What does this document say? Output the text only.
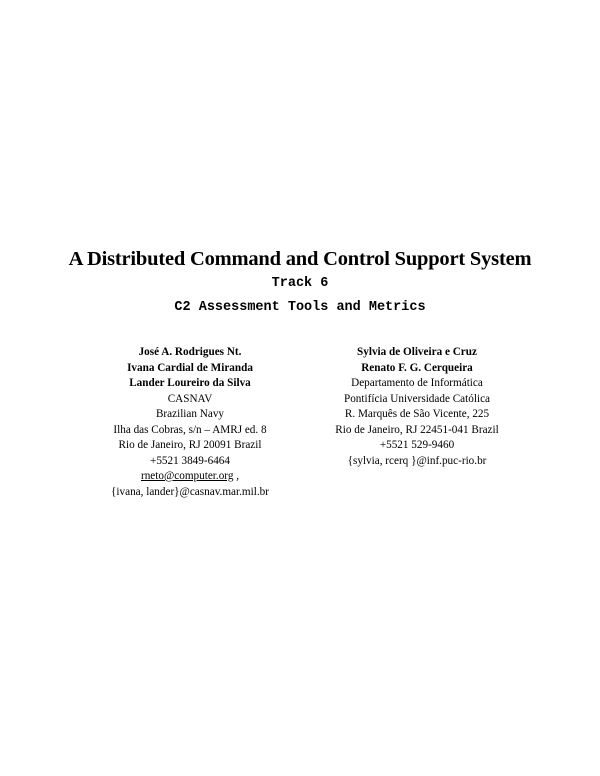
A Distributed Command and Control Support System
Track 6
C2 Assessment Tools and Metrics
José A. Rodrigues Nt.
Ivana Cardial de Miranda
Lander Loureiro da Silva
CASNAV
Brazilian Navy
Ilha das Cobras, s/n – AMRJ ed. 8
Rio de Janeiro, RJ 20091 Brazil
+5521 3849-6464
rneto@computer.org ,
{ivana, lander}@casnav.mar.mil.br
Sylvia de Oliveira e Cruz
Renato F. G. Cerqueira
Departamento de Informática
Pontifícia Universidade Católica
R. Marquês de São Vicente, 225
Rio de Janeiro, RJ 22451-041 Brazil
+5521 529-9460
{sylvia, rcerq }@inf.puc-rio.br
